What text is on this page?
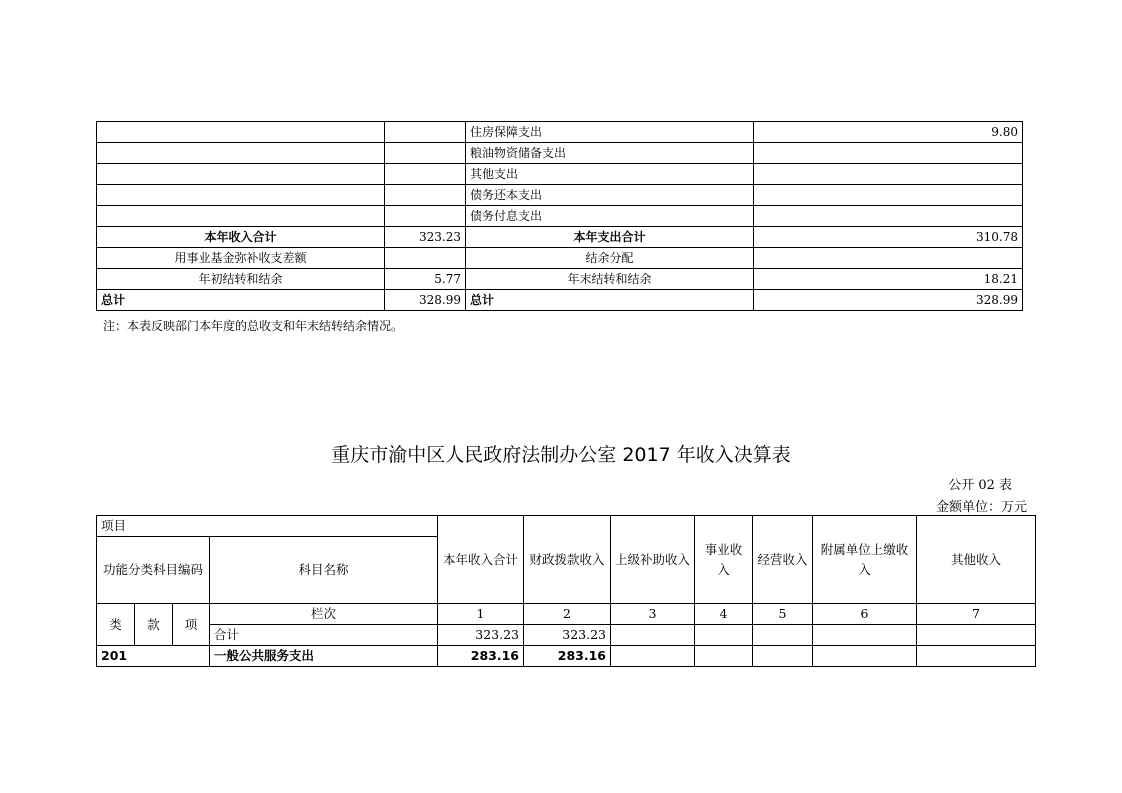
		住房保障支出	9.80
		粮油物资储备支出	
		其他支出	
		债务还本支出	
		债务付息支出	
本年收入合计	323.23	本年支出合计	310.78
用事业基金弥补收支差额		结余分配	
年初结转和结余	5.77	年末结转和结余	18.21
总计	328.99	总计	328.99
注：本表反映部门本年度的总收支和年末结转结余情况。
重庆市渝中区人民政府法制办公室 2017 年收入决算表
公开 02 表
金额单位：万元
项目				本年收入合计	财政拨款收入	上级补助收入	事业收入	经营收入	附属单位上缴收入	其他收入
功能分类科目编码			科目名称							
类	款	项	栏次	1	2	3	4	5	6	7
			合计	323.23	323.23					
201			一般公共服务支出	283.16	283.16					
